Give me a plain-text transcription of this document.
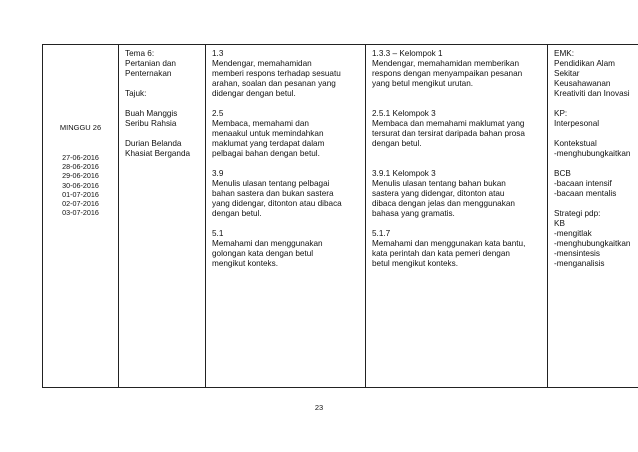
MINGGU 26
27-06-2016
28-06-2016
29-06-2016
30-06-2016
01-07-2016
02-07-2016
03-07-2016

Tema 6:
Pertanian dan
Penternakan
Tajuk:
Buah Manggis
Seribu Rahsia
Durian Belanda
Khasiat Berganda

1.3
Mendengar, memahamidan
memberi respons terhadap sesuatu
arahan, soalan dan pesanan yang
didengar dengan betul.
2.5
Membaca, memahami dan
menaakul untuk memindahkan
maklumat yang terdapat dalam
pelbagai bahan dengan betul.
3.9
Menulis ulasan tentang pelbagai
bahan sastera dan bukan sastera
yang didengar, ditonton atau dibaca
dengan betul.
5.1
Memahami dan menggunakan
golongan kata dengan betul
mengikut konteks.

1.3.3 – Kelompok 1
Mendengar, memahamidan memberikan
respons dengan menyampaikan pesanan
yang betul mengikut urutan.
2.5.1 Kelompok 3
Membaca dan memahami maklumat yang
tersurat dan tersirat daripada bahan prosa
dengan betul.
3.9.1 Kelompok 3
Menulis ulasan tentang bahan bukan
sastera yang didengar, ditonton atau
dibaca dengan jelas dan menggunakan
bahasa yang gramatis.
5.1.7
Memahami dan menggunakan kata bantu,
kata perintah dan kata pemeri dengan
betul mengikut konteks.

EMK:
Pendidikan Alam
Sekitar
Keusahawanan
Kreativiti dan Inovasi
KP:
Interpesonal
Kontekstual
-menghubungkaitkan
BCB
-bacaan intensif
-bacaan mentalis
Strategi pdp:
KB
-mengitlak
-menghubungkaitkan
-mensintesis
-menganalisis
23
